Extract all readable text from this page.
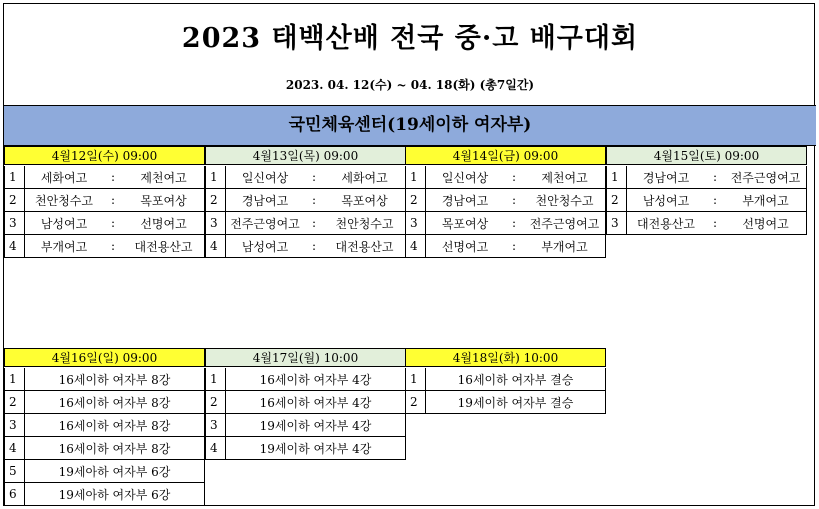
2023 태백산배 전국 중·고 배구대회
2023. 04. 12(수) ~ 04. 18(화) (총7일간)
국민체육센터(19세이하 여자부)
4월12일(수) 09:00
1	세화여고	:	제천여고
2	천안청수고	:	목포여상
3	남성여고	:	선명여고
4	부개여고	:	대전용산고
4월13일(목) 09:00
1	일신여상	:	세화여고
2	경남여고	:	목포여상
3	전주근영여고	:	천안청수고
4	남성여고	:	대전용산고
4월14일(금) 09:00
1	일신여상	:	제천여고
2	경남여고	:	천안청수고
3	목포여상	:	전주근영여고
4	선명여고	:	부개여고
4월15일(토) 09:00
1	경남여고	:	전주근영여고
2	남성여고	:	부개여고
3	대전용산고	:	선명여고
4월16일(일) 09:00
1	16세이하 여자부 8강
2	16세이하 여자부 8강
3	16세이하 여자부 8강
4	16세이하 여자부 8강
5	19세아하 여자부 6강
6	19세아하 여자부 6강
4월17일(월) 10:00
1	16세이하 여자부 4강
2	16세이하 여자부 4강
3	19세이하 여자부 4강
4	19세이하 여자부 4강
4월18일(화) 10:00
1	16세이하 여자부 결승
2	19세이하 여자부 결승
